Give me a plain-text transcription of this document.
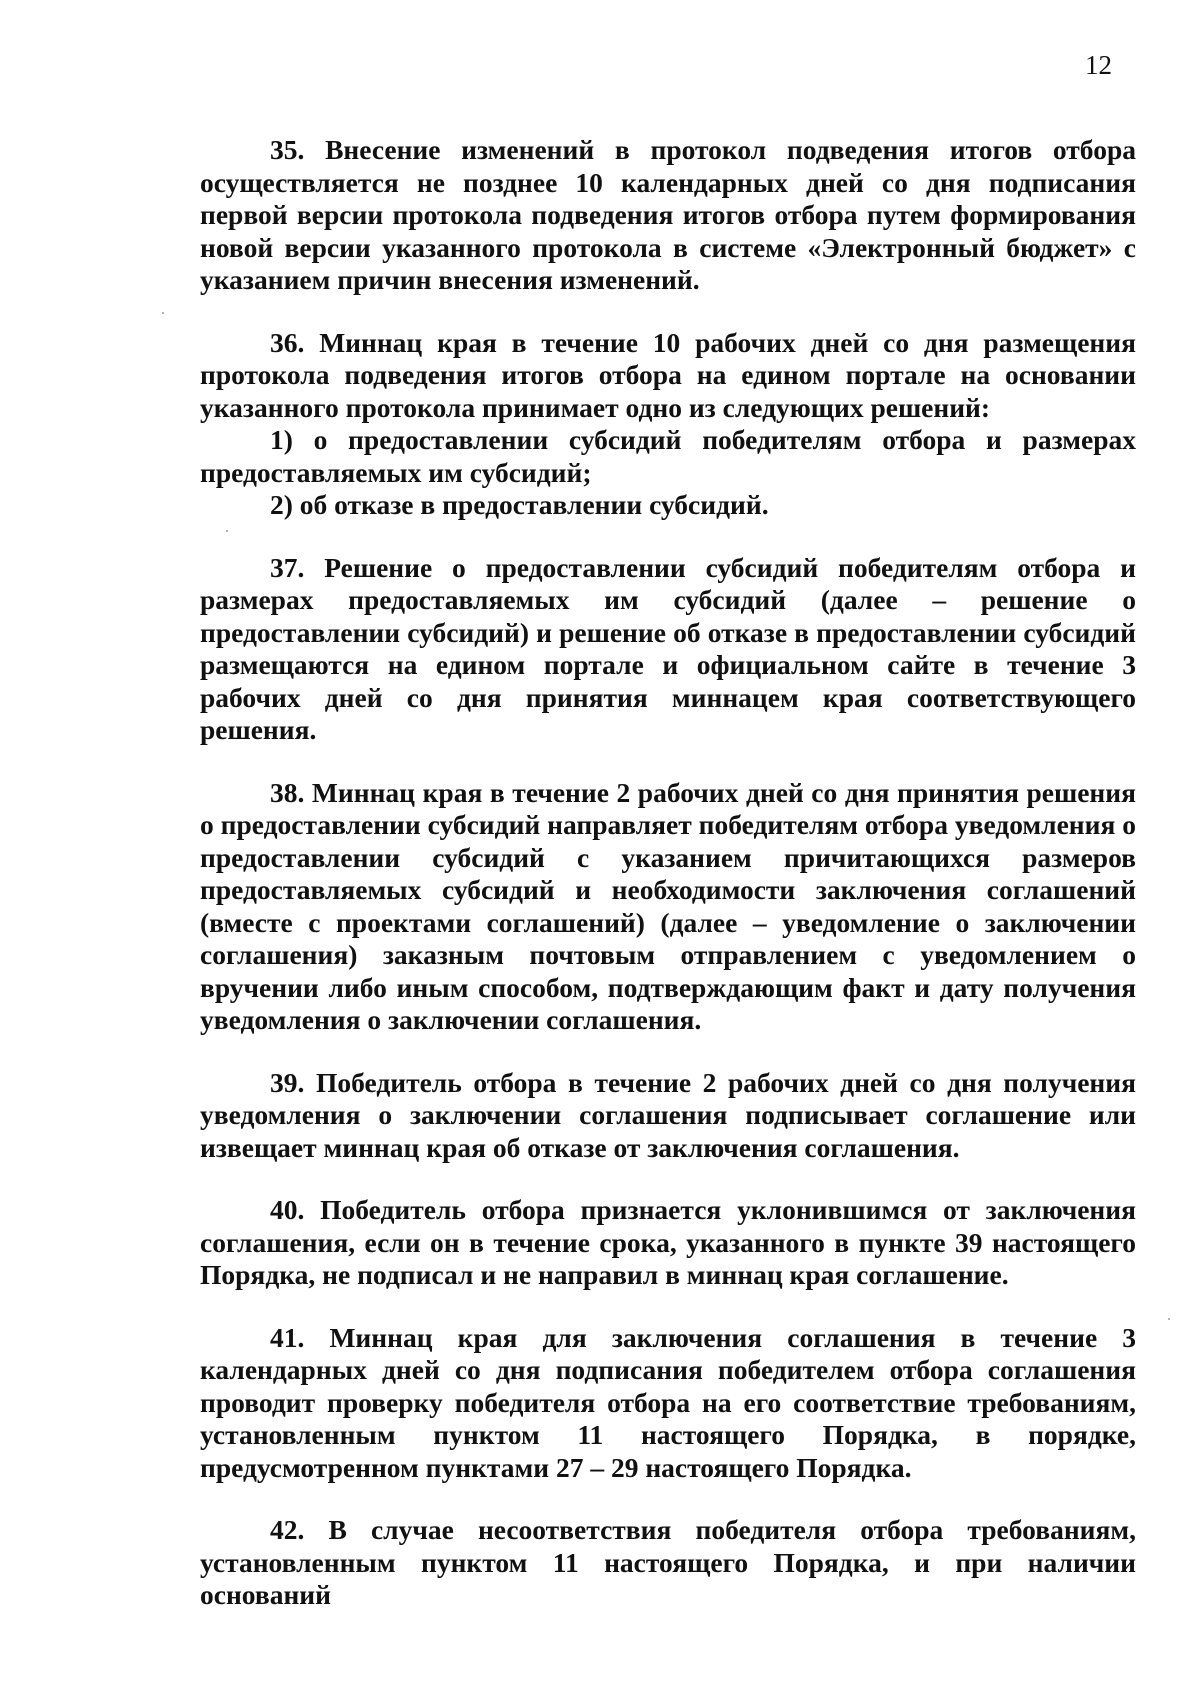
12

35. Внесение изменений в протокол подведения итогов отбора осуществляется не позднее 10 календарных дней со дня подписания первой версии протокола подведения итогов отбора путем формирования новой версии указанного протокола в системе «Электронный бюджет» с указанием причин внесения изменений.

36. Миннац края в течение 10 рабочих дней со дня размещения протокола подведения итогов отбора на едином портале на основании указанного протокола принимает одно из следующих решений:

1) о предоставлении субсидий победителям отбора и размерах предоставляемых им субсидий;

2) об отказе в предоставлении субсидий.

37. Решение о предоставлении субсидий победителям отбора и размерах предоставляемых им субсидий (далее – решение о предоставлении субсидий) и решение об отказе в предоставлении субсидий размещаются на едином портале и официальном сайте в течение 3 рабочих дней со дня принятия миннацем края соответствующего решения.

38. Миннац края в течение 2 рабочих дней со дня принятия решения о предоставлении субсидий направляет победителям отбора уведомления о предоставлении субсидий с указанием причитающихся размеров предоставляемых субсидий и необходимости заключения соглашений (вместе с проектами соглашений) (далее – уведомление о заключении соглашения) заказным почтовым отправлением с уведомлением о вручении либо иным способом, подтверждающим факт и дату получения уведомления о заключении соглашения.

39. Победитель отбора в течение 2 рабочих дней со дня получения уведомления о заключении соглашения подписывает соглашение или извещает миннац края об отказе от заключения соглашения.

40. Победитель отбора признается уклонившимся от заключения соглашения, если он в течение срока, указанного в пункте 39 настоящего Порядка, не подписал и не направил в миннац края соглашение.

41. Миннац края для заключения соглашения в течение 3 календарных дней со дня подписания победителем отбора соглашения проводит проверку победителя отбора на его соответствие требованиям, установленным пунктом 11 настоящего Порядка, в порядке, предусмотренном пунктами 27 – 29 настоящего Порядка.

42. В случае несоответствия победителя отбора требованиям, установленным пунктом 11 настоящего Порядка, и при наличии оснований
